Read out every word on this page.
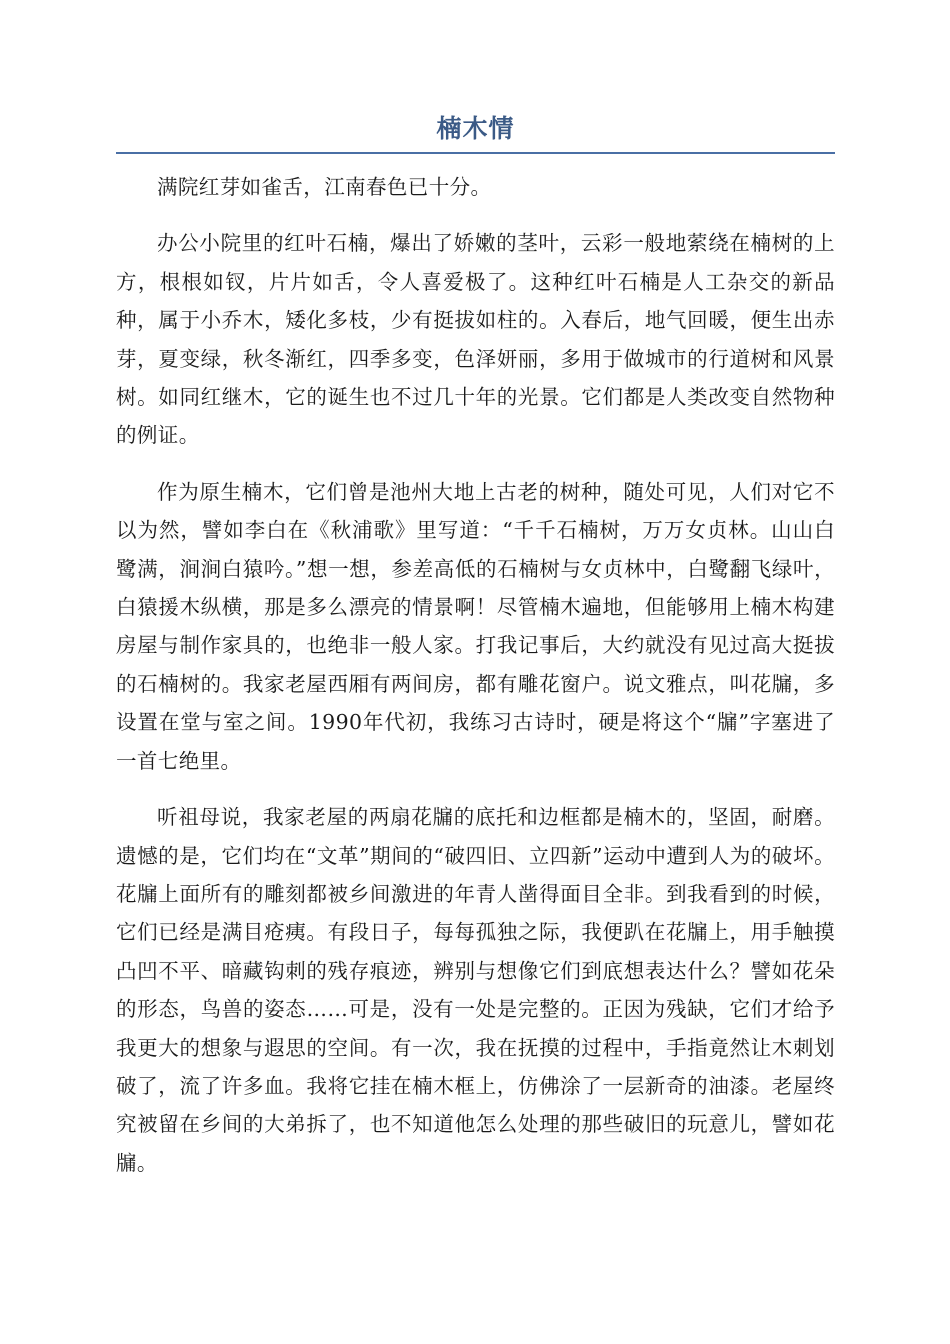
楠木情

满院红芽如雀舌，江南春色已十分。

办公小院里的红叶石楠，爆出了娇嫩的茎叶，云彩一般地萦绕在楠树的上方，根根如钗，片片如舌，令人喜爱极了。这种红叶石楠是人工杂交的新品种，属于小乔木，矮化多枝，少有挺拔如柱的。入春后，地气回暖，便生出赤芽，夏变绿，秋冬渐红，四季多变，色泽妍丽，多用于做城市的行道树和风景树。如同红继木，它的诞生也不过几十年的光景。它们都是人类改变自然物种的例证。

作为原生楠木，它们曾是池州大地上古老的树种，随处可见，人们对它不以为然，譬如李白在《秋浦歌》里写道：“千千石楠树，万万女贞林。山山白鹭满，涧涧白猿吟。”想一想，参差高低的石楠树与女贞林中，白鹭翻飞绿叶，白猿援木纵横，那是多么漂亮的情景啊！尽管楠木遍地，但能够用上楠木构建房屋与制作家具的，也绝非一般人家。打我记事后，大约就没有见过高大挺拔的石楠树的。我家老屋西厢有两间房，都有雕花窗户。说文雅点，叫花牖，多设置在堂与室之间。1990年代初，我练习古诗时，硬是将这个“牖”字塞进了一首七绝里。

听祖母说，我家老屋的两扇花牖的底托和边框都是楠木的，坚固，耐磨。遗憾的是，它们均在“文革”期间的“破四旧、立四新”运动中遭到人为的破坏。花牖上面所有的雕刻都被乡间激进的年青人凿得面目全非。到我看到的时候，它们已经是满目疮痍。有段日子，每每孤独之际，我便趴在花牖上，用手触摸凸凹不平、暗藏钩刺的残存痕迹，辨别与想像它们到底想表达什么？譬如花朵的形态，鸟兽的姿态……可是，没有一处是完整的。正因为残缺，它们才给予我更大的想象与遐思的空间。有一次，我在抚摸的过程中，手指竟然让木刺划破了，流了许多血。我将它挂在楠木框上，仿佛涂了一层新奇的油漆。老屋终究被留在乡间的大弟拆了，也不知道他怎么处理的那些破旧的玩意儿，譬如花牖。
